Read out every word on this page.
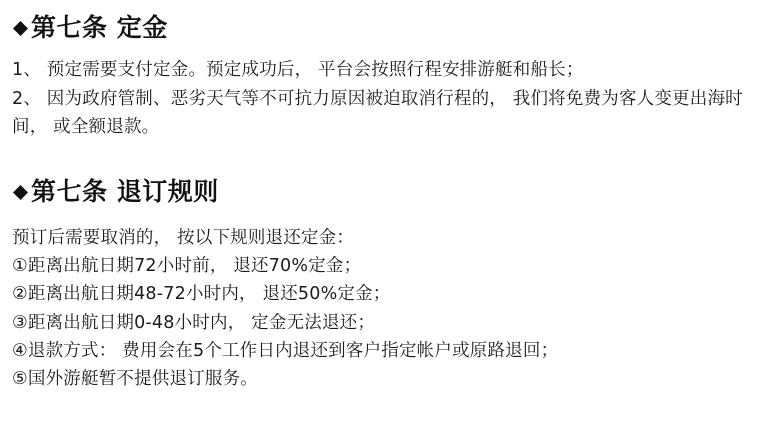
第七条 定金

1、 预定需要支付定金。预定成功后， 平台会按照行程安排游艇和船长；

2、 因为政府管制、恶劣天气等不可抗力原因被迫取消行程的， 我们将免费为客人变更出海时间， 或全额退款。

第七条 退订规则

预订后需要取消的， 按以下规则退还定金：

①距离出航日期72小时前， 退还70%定金；

②距离出航日期48-72小时内， 退还50%定金；

③距离出航日期0-48小时内， 定金无法退还；

④退款方式： 费用会在5个工作日内退还到客户指定帐户或原路退回；

⑤国外游艇暂不提供退订服务。
